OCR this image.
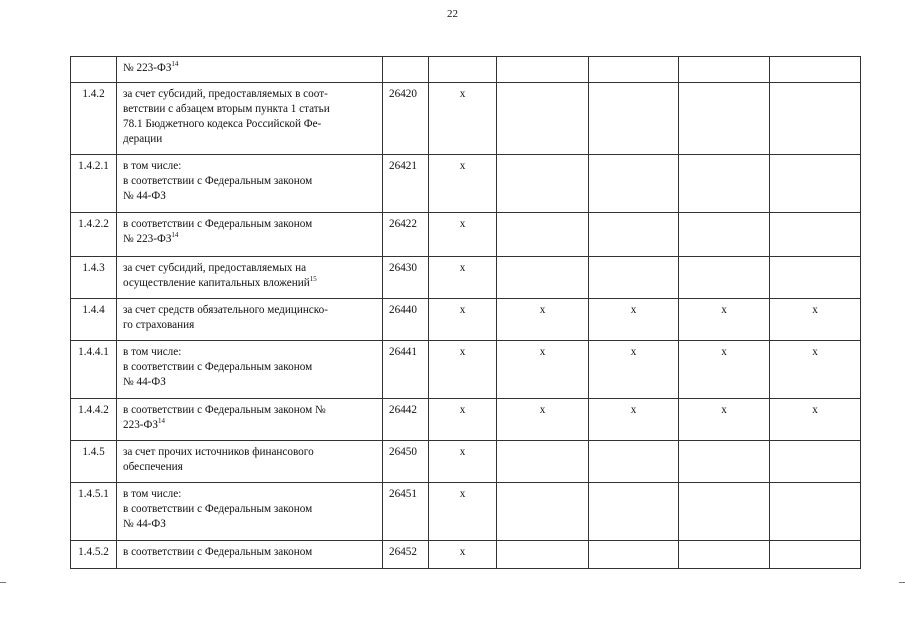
22

	№ 223-ФЗ$^{14}$

1.4.2	за счет субсидий, предоставляемых в соот-
ветствии с абзацем вторым пункта 1 статьи
78.1 Бюджетного кодекса Российской Фе-
дерации	26420	x				
1.4.2.1	в том числе:
в соответствии с Федеральным законом
№ 44-ФЗ	26421	x				
1.4.2.2	в соответствии с Федеральным законом
№ 223-ФЗ$^{14}$	26422	x				
1.4.3	за счет субсидий, предоставляемых на
осуществление капитальных вложений$^{15}$	26430	x				
1.4.4	за счет средств обязательного медицинско-
го страхования	26440	x	x	x	x	x
1.4.4.1	в том числе:
в соответствии с Федеральным законом
№ 44-ФЗ	26441	x	x	x	x	x
1.4.4.2	в соответствии с Федеральным законом №
223-ФЗ$^{14}$	26442	x	x	x	x	x
1.4.5	за счет прочих источников финансового
обеспечения	26450	x				
1.4.5.1	в том числе:
в соответствии с Федеральным законом
№ 44-ФЗ	26451	x				
1.4.5.2	в соответствии с Федеральным законом	26452	x				
